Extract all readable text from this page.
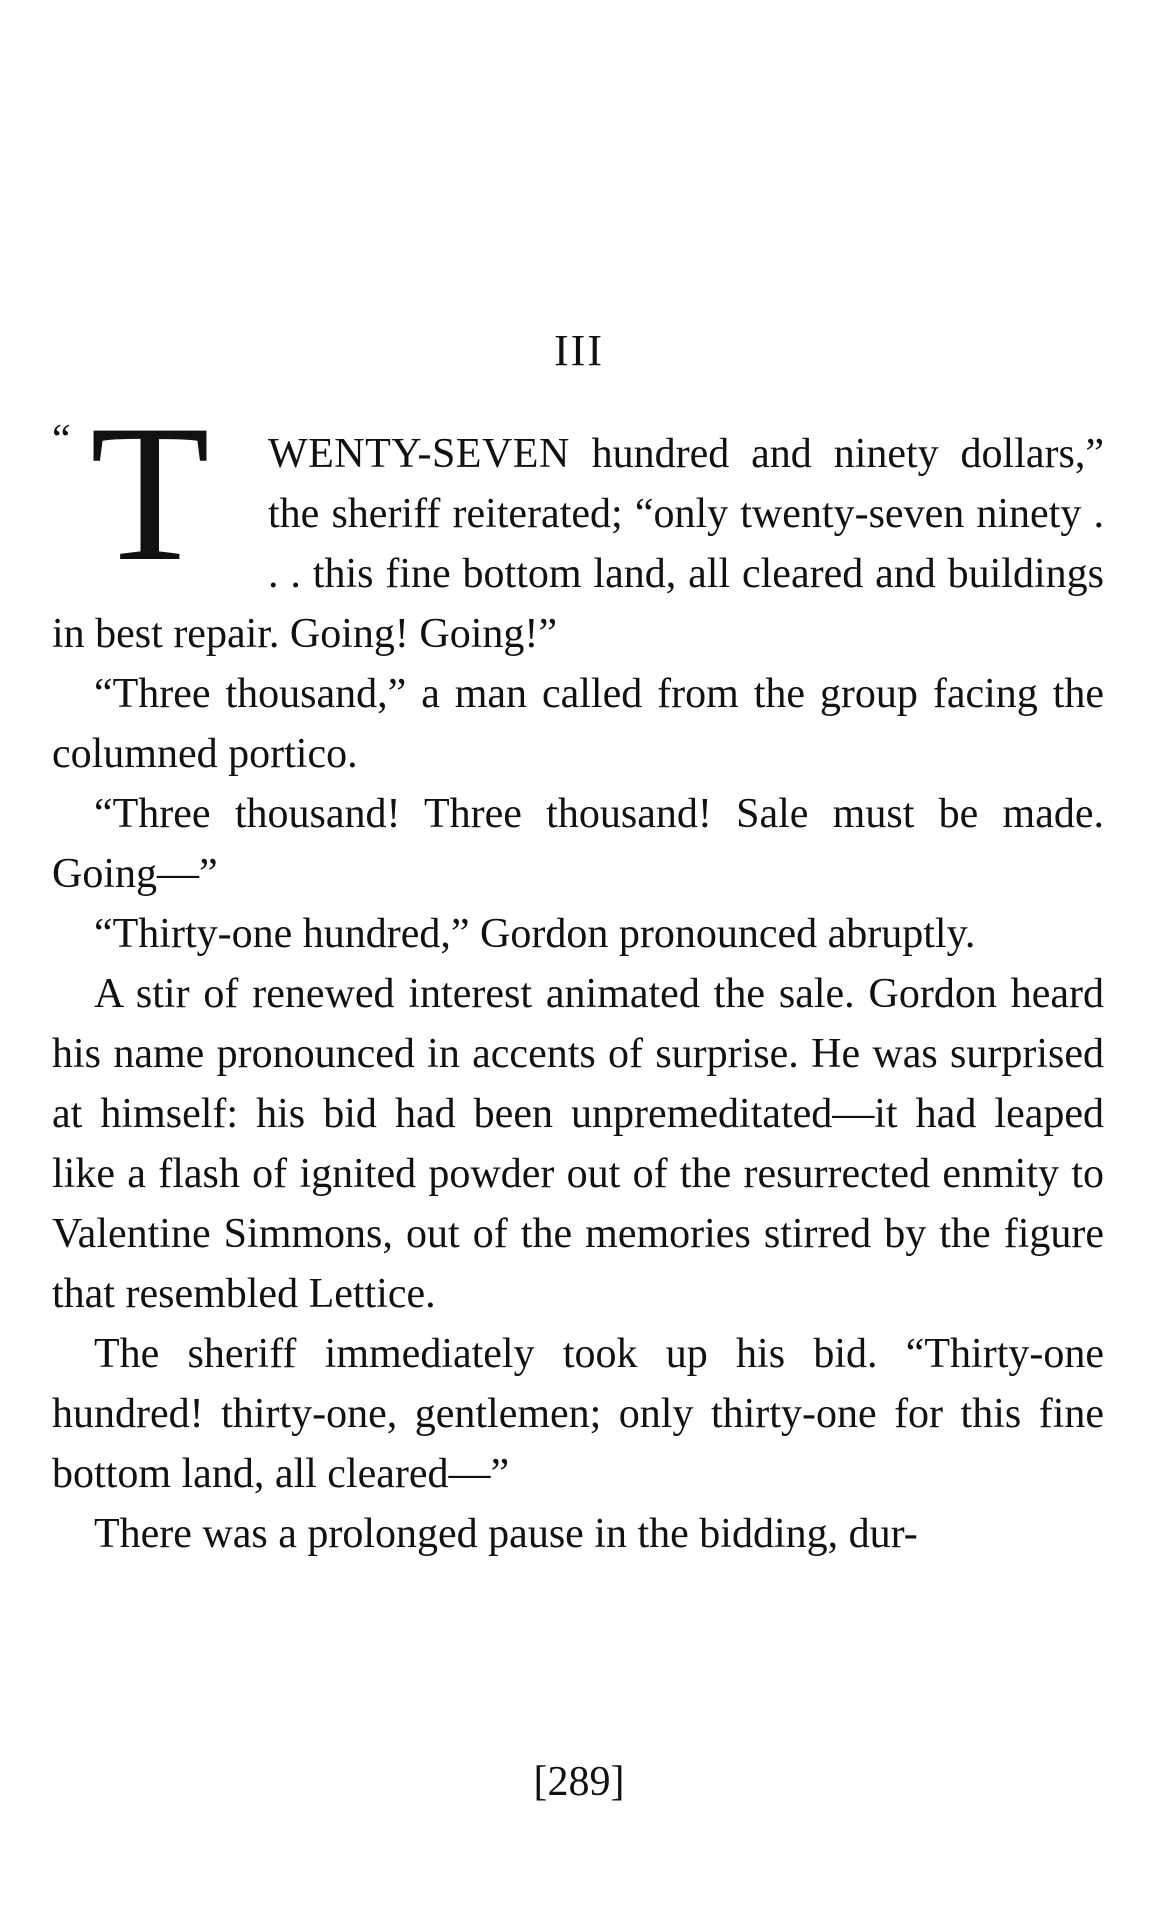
III

“ T WENTY-SEVEN hundred and ninety dollars,” the sheriff reiterated; “only twenty-seven ninety . . . this fine bottom land, all cleared and buildings in best repair. Going! Going!”

“Three thousand,” a man called from the group facing the columned portico.

“Three thousand! Three thousand! Sale must be made. Going—”

“Thirty-one hundred,” Gordon pronounced abruptly.

A stir of renewed interest animated the sale. Gordon heard his name pronounced in accents of surprise. He was surprised at himself: his bid had been unpremeditated—it had leaped like a flash of ignited powder out of the resurrected enmity to Valentine Simmons, out of the memories stirred by the figure that resembled Lettice.

The sheriff immediately took up his bid. “Thirty-one hundred! thirty-one, gentlemen; only thirty-one for this fine bottom land, all cleared—”

There was a prolonged pause in the bidding, dur-

[289]
